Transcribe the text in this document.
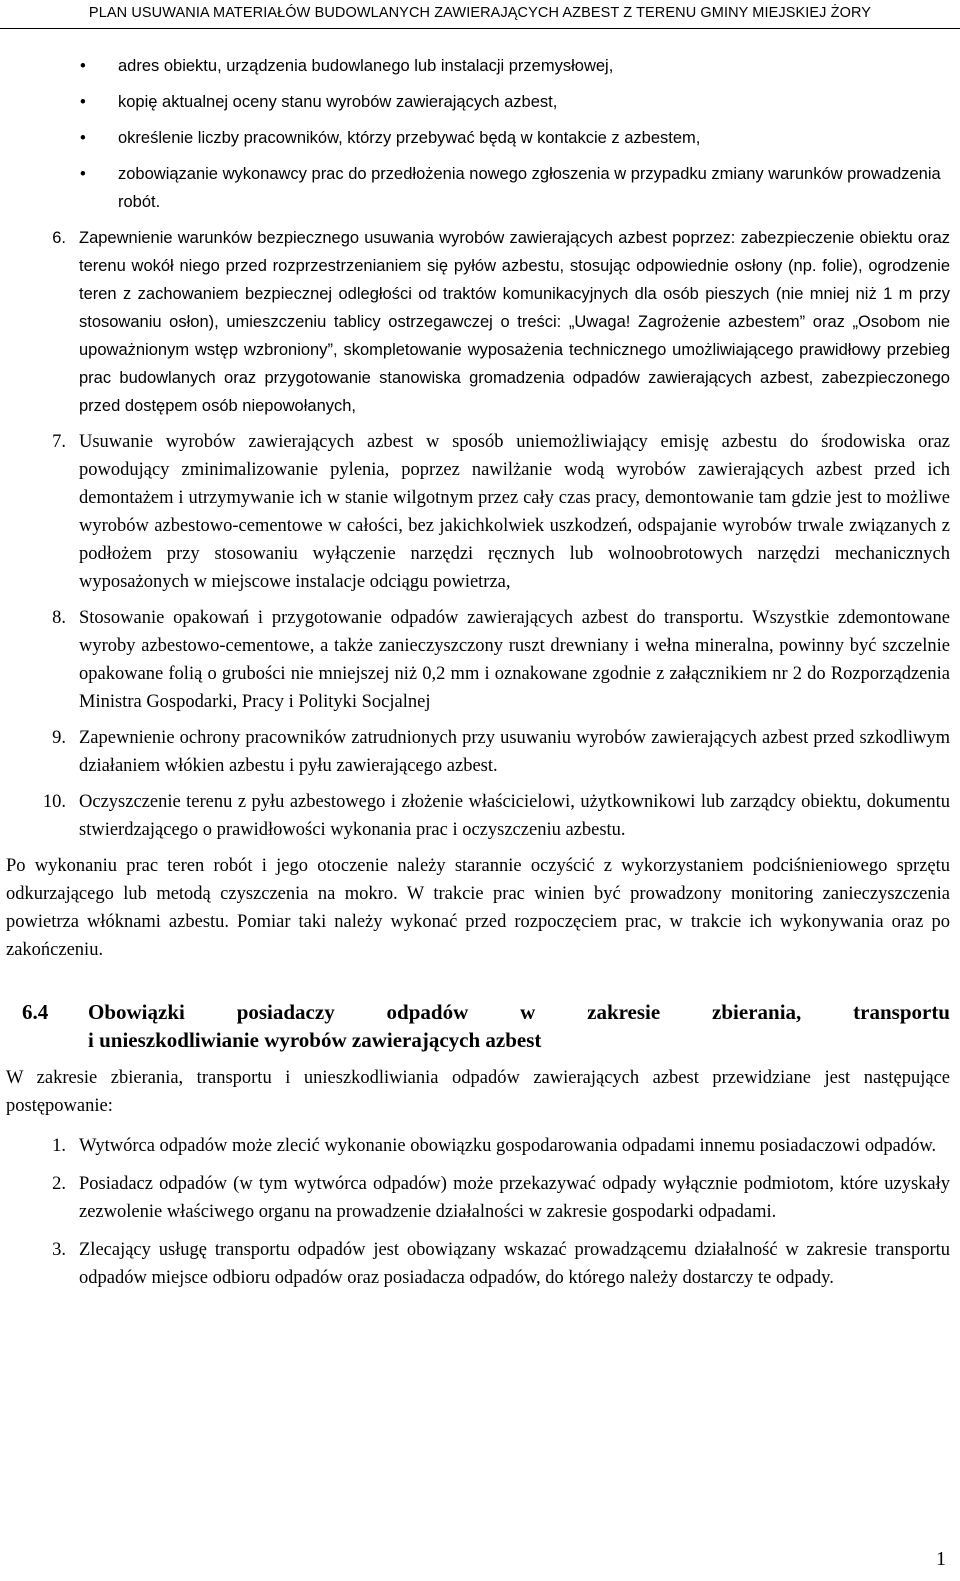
PLAN USUWANIA MATERIAŁÓW BUDOWLANYCH ZAWIERAJĄCYCH AZBEST Z TERENU GMINY MIEJSKIEJ ŻORY
• adres obiektu, urządzenia budowlanego lub instalacji przemysłowej,
• kopię aktualnej oceny stanu wyrobów zawierających azbest,
• określenie liczby pracowników, którzy przebywać będą w kontakcie z azbestem,
• zobowiązanie wykonawcy prac do przedłożenia nowego zgłoszenia w przypadku zmiany warunków prowadzenia robót.
6. Zapewnienie warunków bezpiecznego usuwania wyrobów zawierających azbest poprzez: zabezpieczenie obiektu oraz terenu wokół niego przed rozprzestrzenianiem się pyłów azbestu, stosując odpowiednie osłony (np. folie), ogrodzenie teren z zachowaniem bezpiecznej odległości od traktów komunikacyjnych dla osób pieszych (nie mniej niż 1 m przy stosowaniu osłon), umieszczeniu tablicy ostrzegawczej o treści: „Uwaga! Zagrożenie azbestem” oraz „Osobom nie upoważnionym wstęp wzbroniony”, skompletowanie wyposażenia technicznego umożliwiającego prawidłowy przebieg prac budowlanych oraz przygotowanie stanowiska gromadzenia odpadów zawierających azbest, zabezpieczonego przed dostępem osób niepowołanych,
7. Usuwanie wyrobów zawierających azbest w sposób uniemożliwiający emisję azbestu do środowiska oraz powodujący zminimalizowanie pylenia, poprzez nawilżanie wodą wyrobów zawierających azbest przed ich demontażem i utrzymywanie ich w stanie wilgotnym przez cały czas pracy, demontowanie tam gdzie jest to możliwe wyrobów azbestowo-cementowe w całości, bez jakichkolwiek uszkodzeń, odspajanie wyrobów trwale związanych z podłożem przy stosowaniu wyłączenie narzędzi ręcznych lub wolnoobrotowych narzędzi mechanicznych wyposażonych w miejscowe instalacje odciągu powietrza,
8. Stosowanie opakowań i przygotowanie odpadów zawierających azbest do transportu. Wszystkie zdemontowane wyroby azbestowo-cementowe, a także zanieczyszczony ruszt drewniany i wełna mineralna, powinny być szczelnie opakowane folią o grubości nie mniejszej niż 0,2 mm i oznakowane zgodnie z załącznikiem nr 2 do Rozporządzenia Ministra Gospodarki, Pracy i Polityki Socjalnej
9. Zapewnienie ochrony pracowników zatrudnionych przy usuwaniu wyrobów zawierających azbest przed szkodliwym działaniem włókien azbestu i pyłu zawierającego azbest.
10. Oczyszczenie terenu z pyłu azbestowego i złożenie właścicielowi, użytkownikowi lub zarządcy obiektu, dokumentu stwierdzającego o prawidłowości wykonania prac i oczyszczeniu azbestu.

Po wykonaniu prac teren robót i jego otoczenie należy starannie oczyścić z wykorzystaniem podciśnieniowego sprzętu odkurzającego lub metodą czyszczenia na mokro. W trakcie prac winien być prowadzony monitoring zanieczyszczenia powietrza włóknami azbestu. Pomiar taki należy wykonać przed rozpoczęciem prac, w trakcie ich wykonywania oraz po zakończeniu.

6.4 Obowiązki posiadaczy odpadów w zakresie zbierania, transportu
i unieszkodliwianie wyrobów zawierających azbest

W zakresie zbierania, transportu i unieszkodliwiania odpadów zawierających azbest przewidziane jest następujące postępowanie:

1. Wytwórca odpadów może zlecić wykonanie obowiązku gospodarowania odpadami innemu posiadaczowi odpadów.
2. Posiadacz odpadów (w tym wytwórca odpadów) może przekazywać odpady wyłącznie podmiotom, które uzyskały zezwolenie właściwego organu na prowadzenie działalności w zakresie gospodarki odpadami.
3. Zlecający usługę transportu odpadów jest obowiązany wskazać prowadzącemu działalność w zakresie transportu odpadów miejsce odbioru odpadów oraz posiadacza odpadów, do którego należy dostarczy te odpady.
1
